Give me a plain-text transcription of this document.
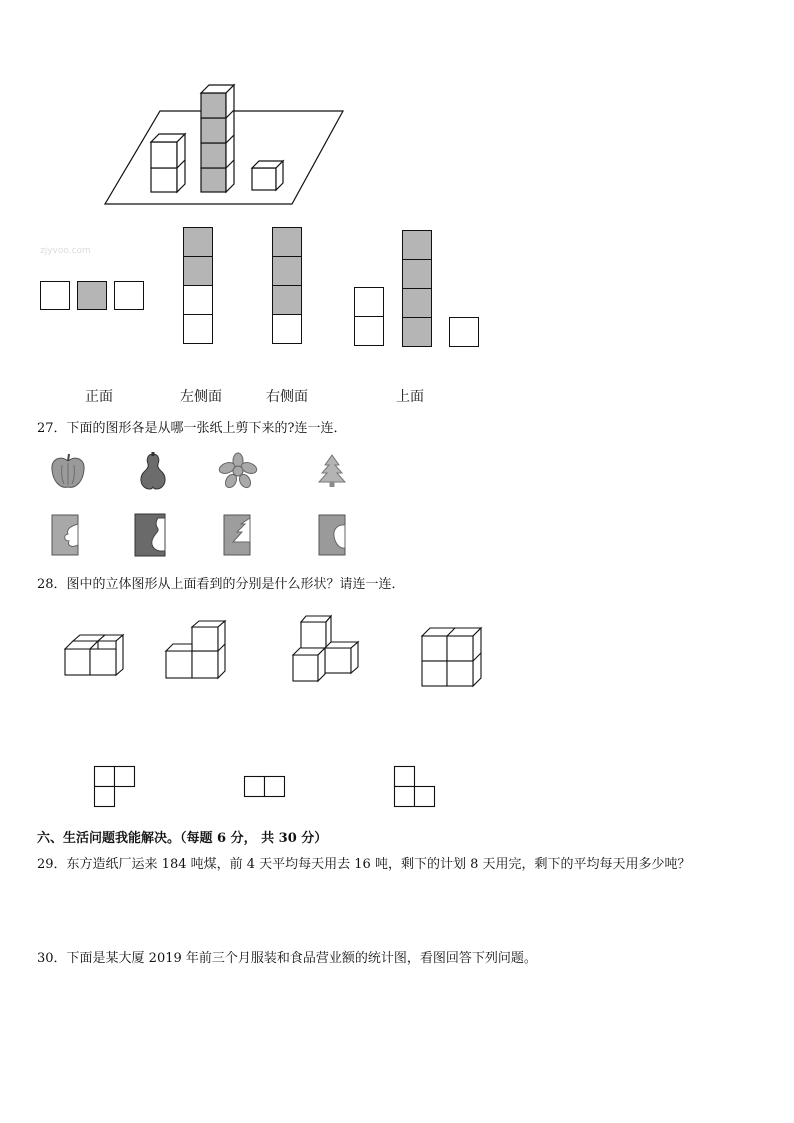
zjyvoo.com
正面	左侧面	右侧面	上面
27．下面的图形各是从哪一张纸上剪下来的?连一连．
28．图中的立体图形从上面看到的分别是什么形状？请连一连．
六、生活问题我能解决。（每题 6 分， 共 30 分）
29．东方造纸厂运来 184 吨煤，前 4 天平均每天用去 16 吨，剩下的计划 8 天用完，剩下的平均每天用多少吨？
30．下面是某大厦 2019 年前三个月服装和食品营业额的统计图，看图回答下列问题。
